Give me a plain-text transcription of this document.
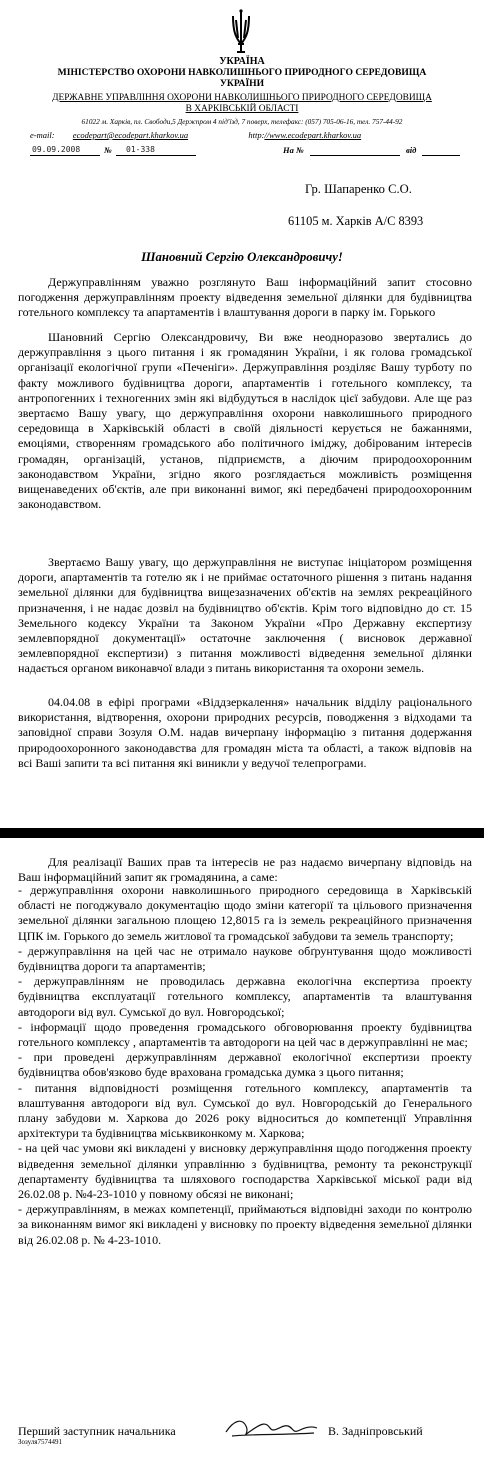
УКРАЇНА
МІНІСТЕРСТВО ОХОРОНИ НАВКОЛИШНЬОГО ПРИРОДНОГО СЕРЕДОВИЩА
УКРАЇНИ
ДЕРЖАВНЕ УПРАВЛІННЯ ОХОРОНИ НАВКОЛИШНЬОГО ПРИРОДНОГО СЕРЕДОВИЩА
В ХАРКІВСЬКІЙ ОБЛАСТІ
61022 м. Харків, пл. Свободи,5 Держпром 4 під'їзд, 7 поверх, телефакс: (057) 705-06-16, тел. 757-44-92
e-mail: ecodepart@ecodepart.kharkov.ua	http://www.ecodepart.kharkov.ua
09.09.2008	№ 01-338	На №	від
Гр. Шапаренко С.О.
61105 м. Харків А/С 8393
Шановний Сергію Олександровичу!
Держуправлінням уважно розглянуто Ваш інформаційний запит стосовно погодження держуправлінням проекту відведення земельної ділянки для будівництва готельного комплексу та апартаментів і влаштування дороги в парку ім. Горького
Шановний Сергію Олександровичу, Ви вже неодноразово звертались до держуправління з цього питання і як громадянин України, і як голова громадської організації екологічної групи «Печеніги». Держуправління розділяє Вашу турботу по факту можливого будівництва дороги, апартаментів і готельного комплексу, та антропогенних і техногенних змін які відбудуться в наслідок цієї забудови. Але ще раз звертаємо Вашу увагу, що держуправління охорони навколишнього природного середовища в Харківській області в своїй діяльності керується не бажаннями, емоціями, створенням громадського або політичного іміджу, добірованим інтересів громадян, організацій, установ, підприємств, а діючим природоохоронним законодавством України, згідно якого розглядається можливість розміщення вищенаведених об'єктів, але при виконанні вимог, які передбачені природоохоронним законодавством.
Звертаємо Вашу увагу, що держуправління не виступає ініціатором розміщення дороги, апартаментів та готелю як і не приймає остаточного рішення з питань надання земельної ділянки для будівництва вищезазначених об'єктів на землях рекреаційного призначення, і не надає дозвіл на будівництво об'єктів. Крім того відповідно до ст. 15 Земельного кодексу України та Законом України «Про Державну експертизу землевпорядної документації» остаточне заключення ( висновок державної землевпорядної експертизи) з питання можливості відведення земельної ділянки надається органом виконавчої влади з питань використання та охорони земель.
04.04.08 в ефірі програми «Віддзеркалення» начальник відділу раціонального використання, відтворення, охорони природних ресурсів, поводження з відходами та заповідної справи Зозуля О.М. надав вичерпану інформацію з питання додержання природоохоронного законодавства для громадян міста та області, а також відповів на всі Ваші запити та всі питання які виникли у ведучої телепрограми.
Для реалізації Ваших прав та інтересів не раз надаємо вичерпану відповідь на Ваш інформаційний запит як громадянина, а саме:
- держуправління охорони навколишнього природного середовища в Харківській області не погоджувало документацію щодо зміни категорії та цільового призначення земельної ділянки загальною площею 12,8015 га із земель рекреаційного призначення ЦПК ім. Горького до земель житлової та громадської забудови та земель транспорту;
- держуправління на цей час не отримало наукове обґрунтування щодо можливості будівництва дороги та апартаментів;
- держуправлінням не проводилась державна екологічна експертиза проекту будівництва експлуатації готельного комплексу, апартаментів та влаштування автодороги від вул. Сумської до вул. Новгородської;
- інформації щодо проведення громадського обговорювання проекту будівництва готельного комплексу , апартаментів та автодороги на цей час в держуправлінні не має;
- при проведені держуправлінням державної екологічної експертизи проекту будівництва обов'язково буде врахована громадська думка з цього питання;
- питання відповідності розміщення готельного комплексу, апартаментів та влаштування автодороги від вул. Сумської до вул. Новгородській до Генерального плану забудови м. Харкова до 2026 року відноситься до компетенції Управління архітектури та будівництва міськвиконкому м. Харкова;
- на цей час умови які викладені у висновку держуправління щодо погодження проекту відведення земельної ділянки управлінню з будівництва, ремонту та реконструкції департаменту будівництва та шляхового господарства Харківської міської ради від 26.02.08 р. №4-23-1010 у повному обсязі не виконані;
- держуправлінням, в межах компетенції, приймаються відповідні заходи по контролю за виконанням вимог які викладені у висновку по проекту відведення земельної ділянки від 26.02.08 р. № 4-23-1010.
Перший заступник начальника
Зозуля7574491
В. Задніпровський
